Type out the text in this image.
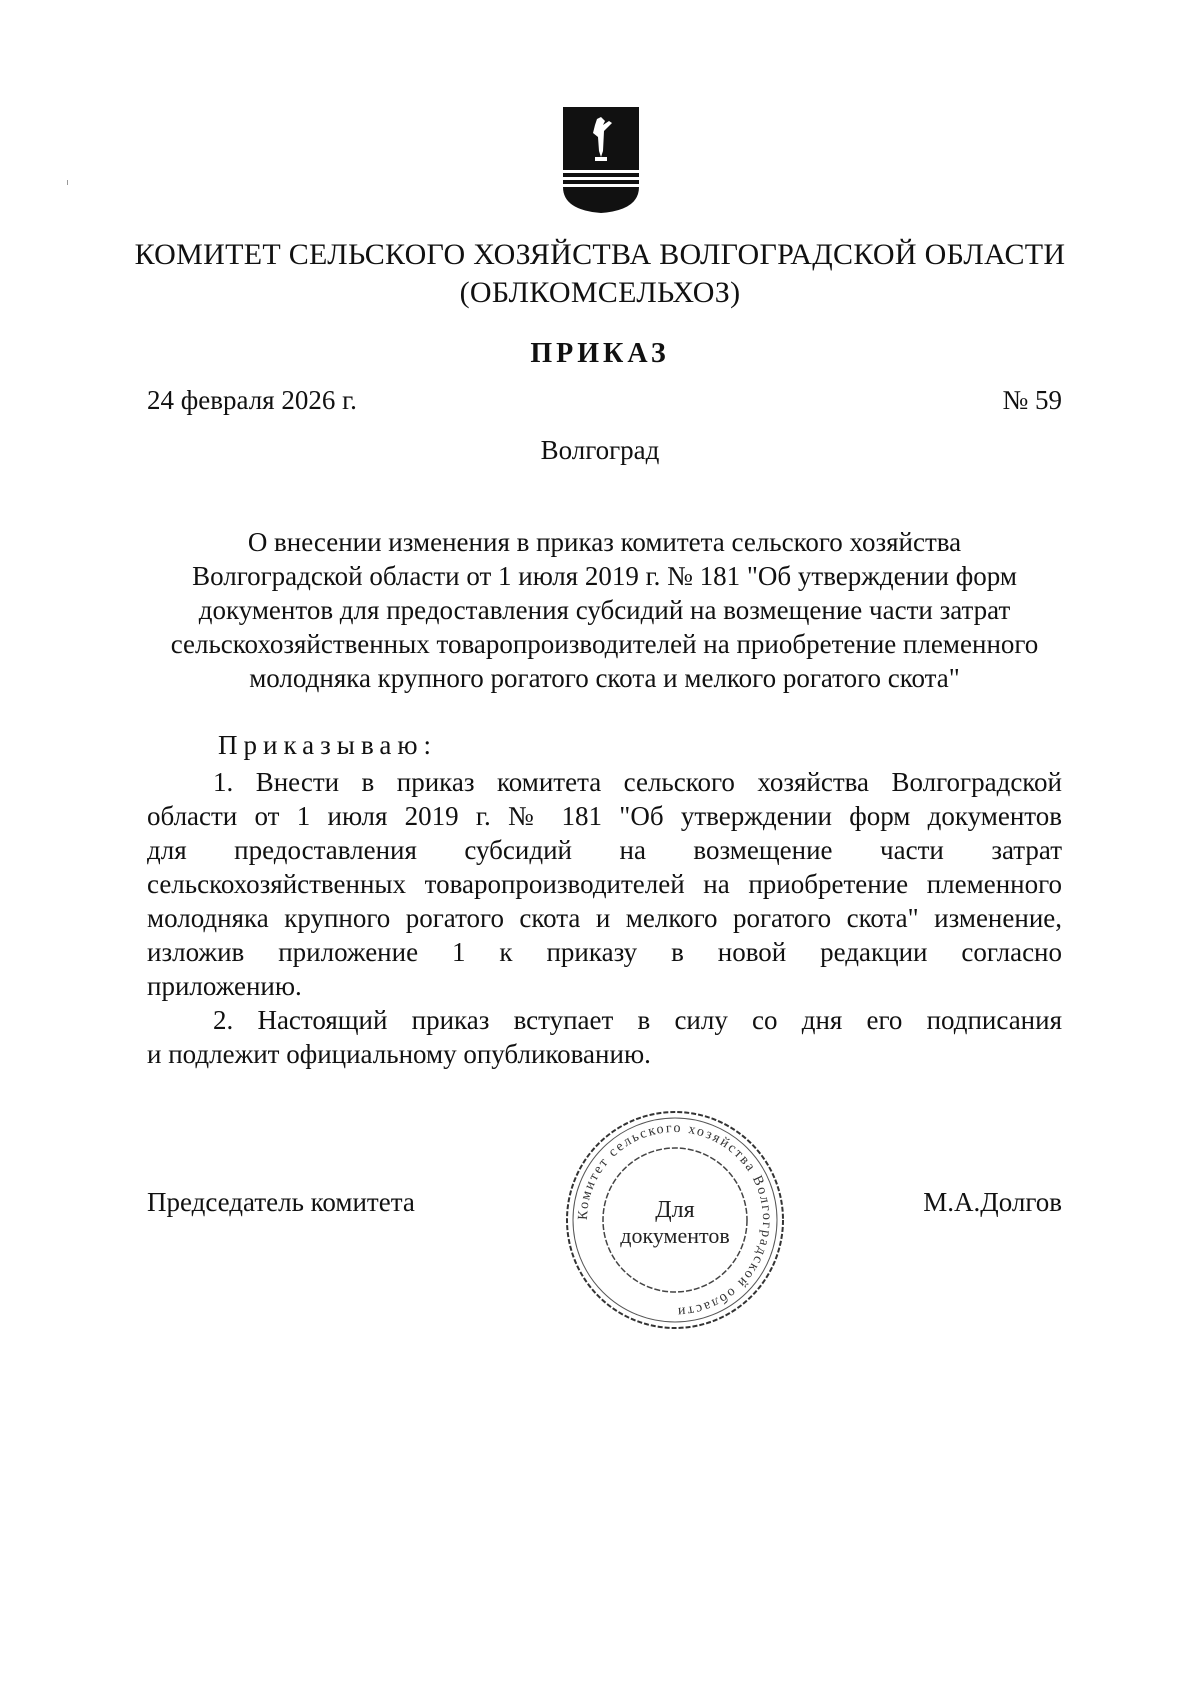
КОМИТЕТ СЕЛЬСКОГО ХОЗЯЙСТВА ВОЛГОГРАДСКОЙ ОБЛАСТИ
(ОБЛКОМСЕЛЬХОЗ)
ПРИКАЗ
24 февраля 2026 г.	№ 59
Волгоград
О внесении изменения в приказ комитета сельского хозяйства
Волгоградской области от 1 июля 2019 г. № 181 "Об утверждении форм
документов для предоставления субсидий на возмещение части затрат
сельскохозяйственных товаропроизводителей на приобретение племенного
молодняка крупного рогатого скота и мелкого рогатого скота"
Приказываю:
1. Внести в приказ комитета сельского хозяйства Волгоградской
области от 1 июля 2019 г. № 181 "Об утверждении форм документов
для предоставления субсидий на возмещение части затрат
сельскохозяйственных товаропроизводителей на приобретение племенного
молодняка крупного рогатого скота и мелкого рогатого скота" изменение,
изложив приложение 1 к приказу в новой редакции согласно
приложению.
2. Настоящий приказ вступает в силу со дня его подписания
и подлежит официальному опубликованию.
Председатель комитета	М.А.Долгов
Комитет сельского хозяйства Волгоградской области
Для
документов
